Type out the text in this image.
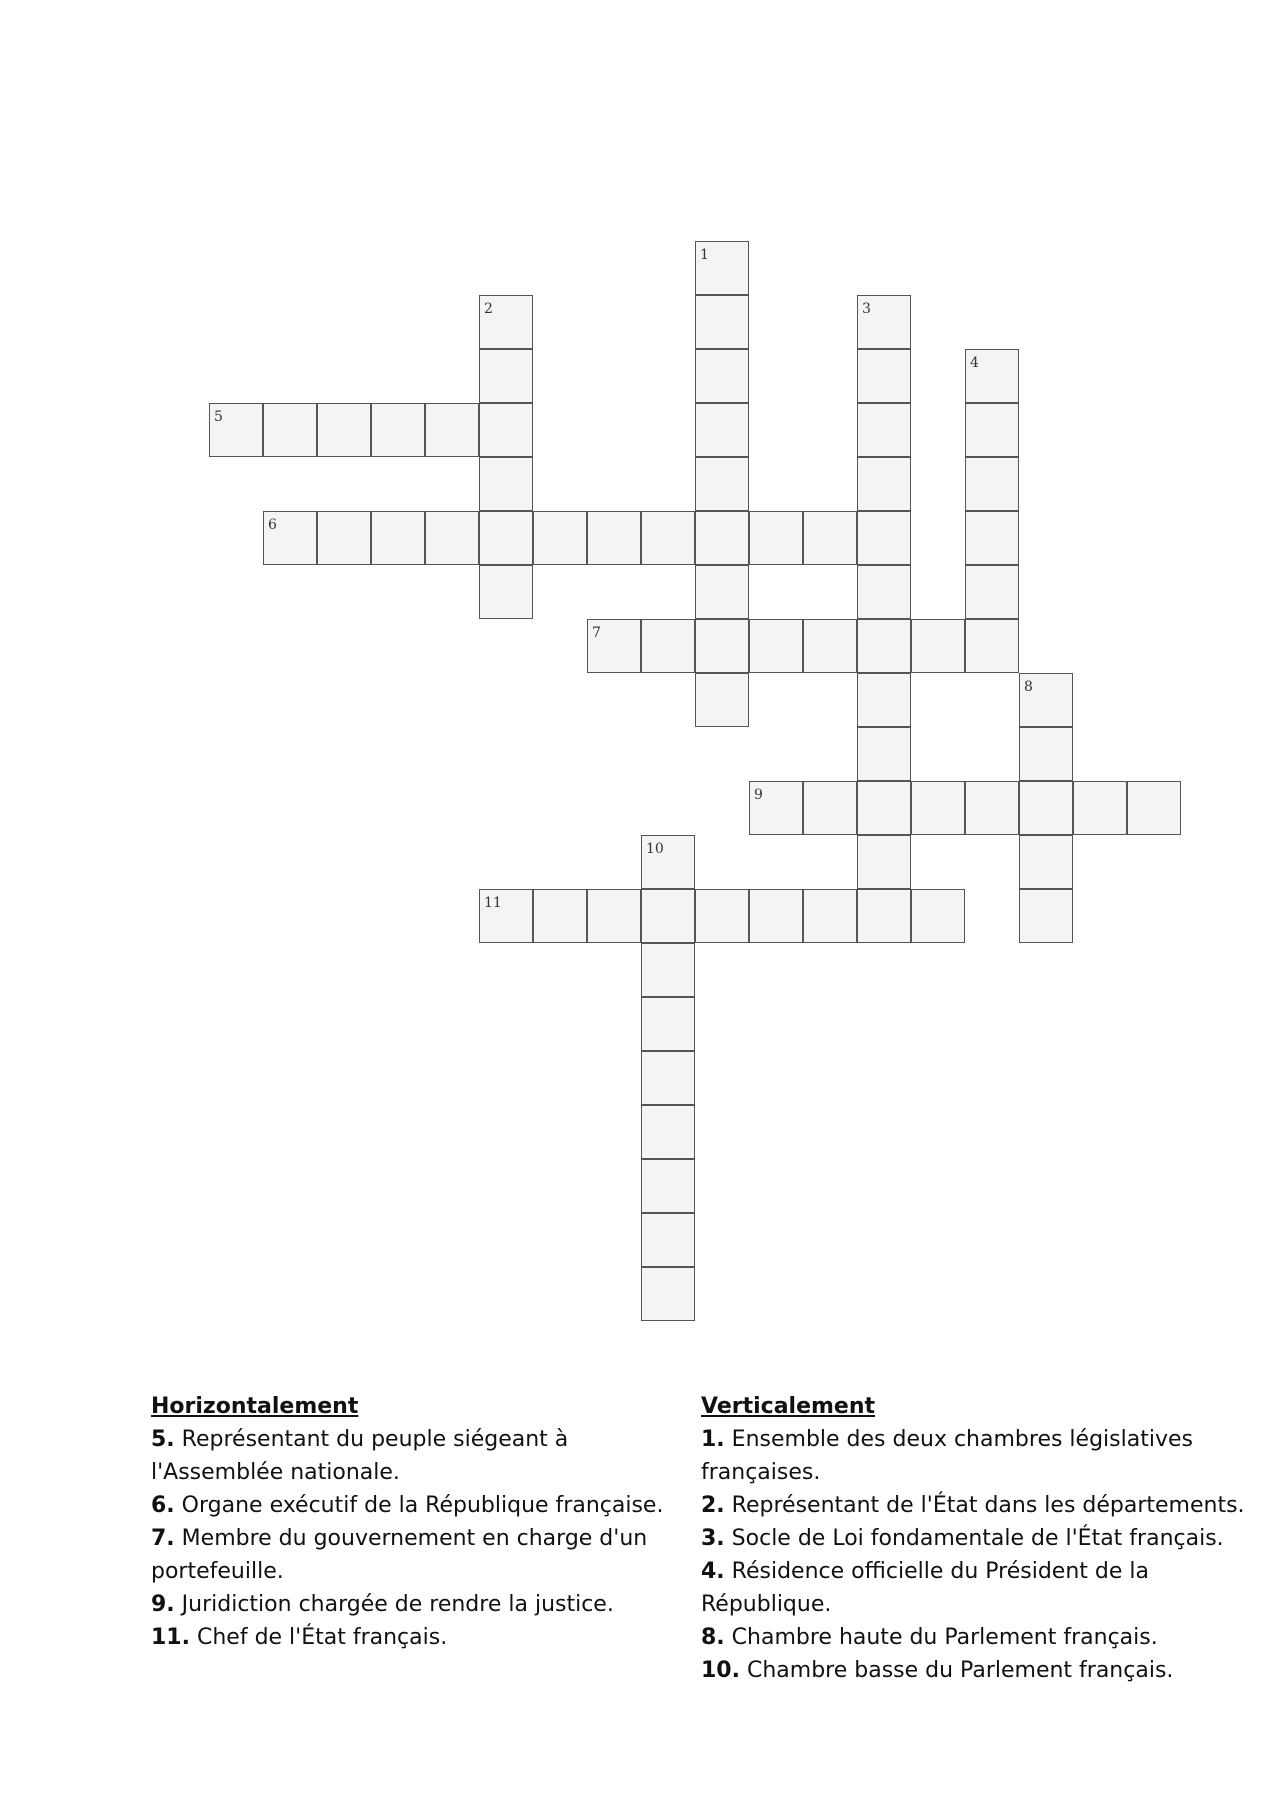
1
2	3
4
5
6
7
8
9
10
11
Horizontalement

5. Représentant du peuple siégeant à l'Assemblée nationale.

6. Organe exécutif de la République française.

7. Membre du gouvernement en charge d'un portefeuille.

9. Juridiction chargée de rendre la justice.

11. Chef de l'État français.

Verticalement

1. Ensemble des deux chambres législatives françaises.

2. Représentant de l'État dans les départements.

3. Socle de Loi fondamentale de l'État français.

4. Résidence officielle du Président de la République.

8. Chambre haute du Parlement français.

10. Chambre basse du Parlement français.
